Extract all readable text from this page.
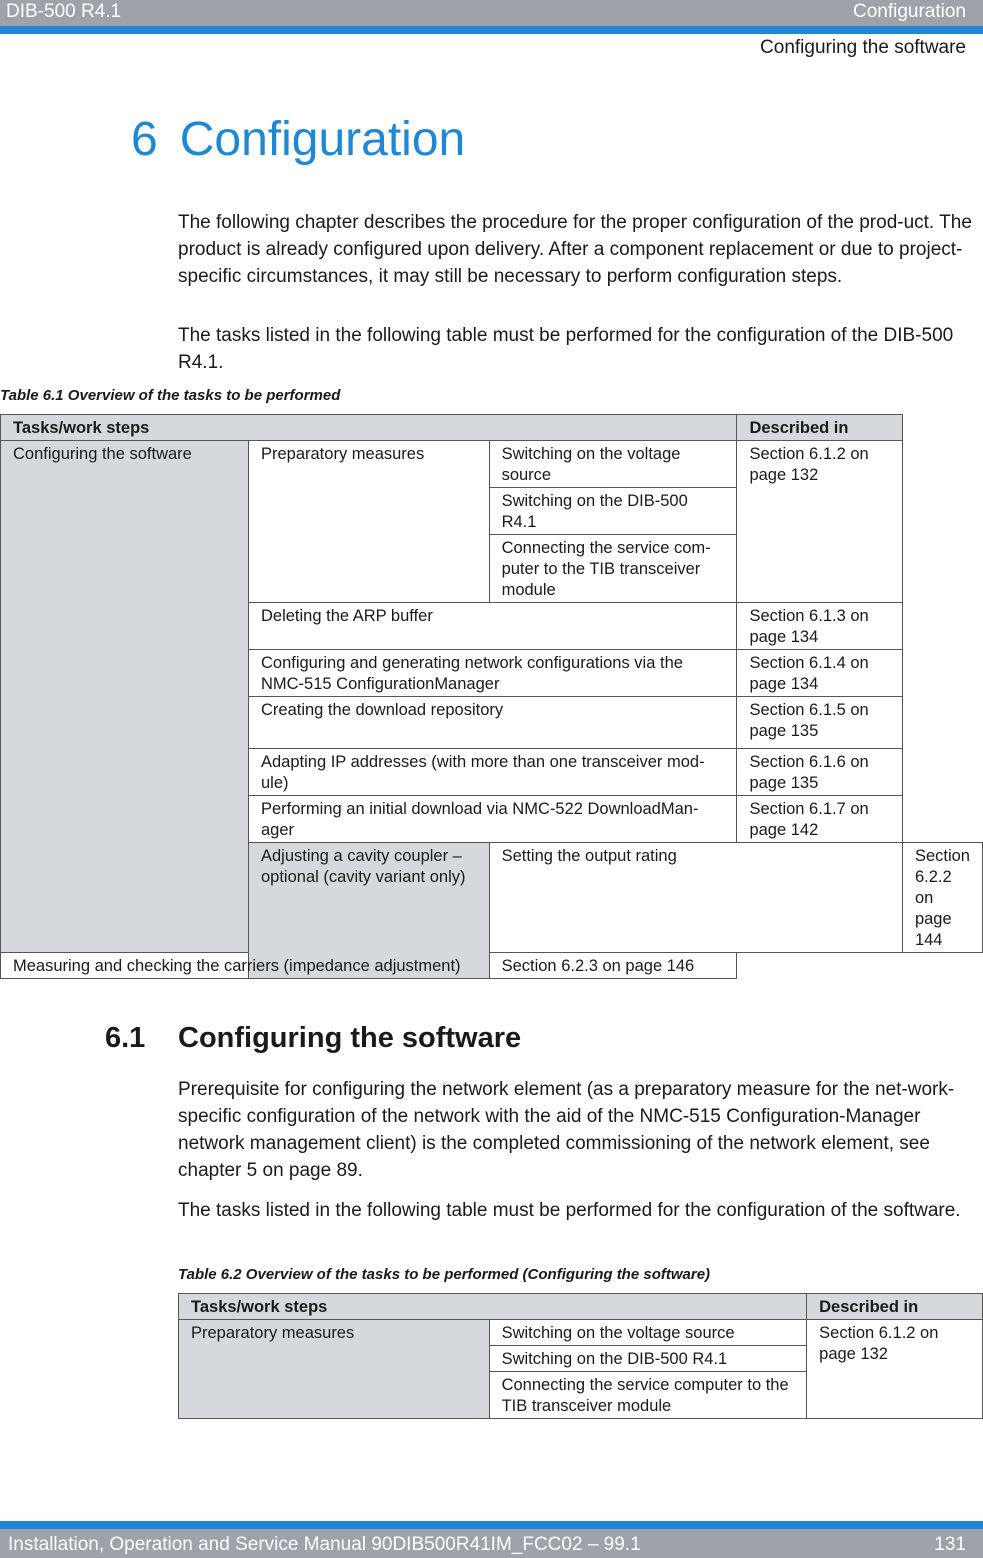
DIB-500 R4.1	Configuration
Configuring the software
6 Configuration

The following chapter describes the procedure for the proper configuration of the prod-uct. The product is already configured upon delivery. After a component replacement or due to project-specific circumstances, it may still be necessary to perform configuration steps.

The tasks listed in the following table must be performed for the configuration of the DIB-500 R4.1.

Table 6.1 Overview of the tasks to be performed

Tasks/work steps			Described in	
Configuring the software	Preparatory measures	Switching on the voltage source	Section 6.1.2 on page 132	
		Switching on the DIB-500 R4.1		
		Connecting the service com-puter to the TIB transceiver module		
	Deleting the ARP buffer		Section 6.1.3 on page 134	
	Configuring and generating network configurations via the NMC-515 ConfigurationManager		Section 6.1.4 on page 134	
	Creating the download repository		Section 6.1.5 on page 135	
	Adapting IP addresses (with more than one transceiver mod-ule)		Section 6.1.6 on page 135	
	Performing an initial download via NMC-522 DownloadMan-ager		Section 6.1.7 on page 142	
	Adjusting a cavity coupler – optional (cavity variant only)	Setting the output rating		Section 6.2.2 on page 144
Measuring and checking the carriers (impedance adjustment)		Section 6.2.3 on page 146		
6.1 Configuring the software

Prerequisite for configuring the network element (as a preparatory measure for the net-work-specific configuration of the network with the aid of the NMC-515 Configuration-Manager network management client) is the completed commissioning of the network element, see chapter 5 on page 89.

The tasks listed in the following table must be performed for the configuration of the software.

Table 6.2 Overview of the tasks to be performed (Configuring the software)

Tasks/work steps		Described in
Preparatory measures	Switching on the voltage source	Section 6.1.2 on page 132
	Switching on the DIB-500 R4.1	
	Connecting the service computer to the TIB transceiver module	
Installation, Operation and Service Manual 90DIB500R41IM_FCC02 – 99.1	131
